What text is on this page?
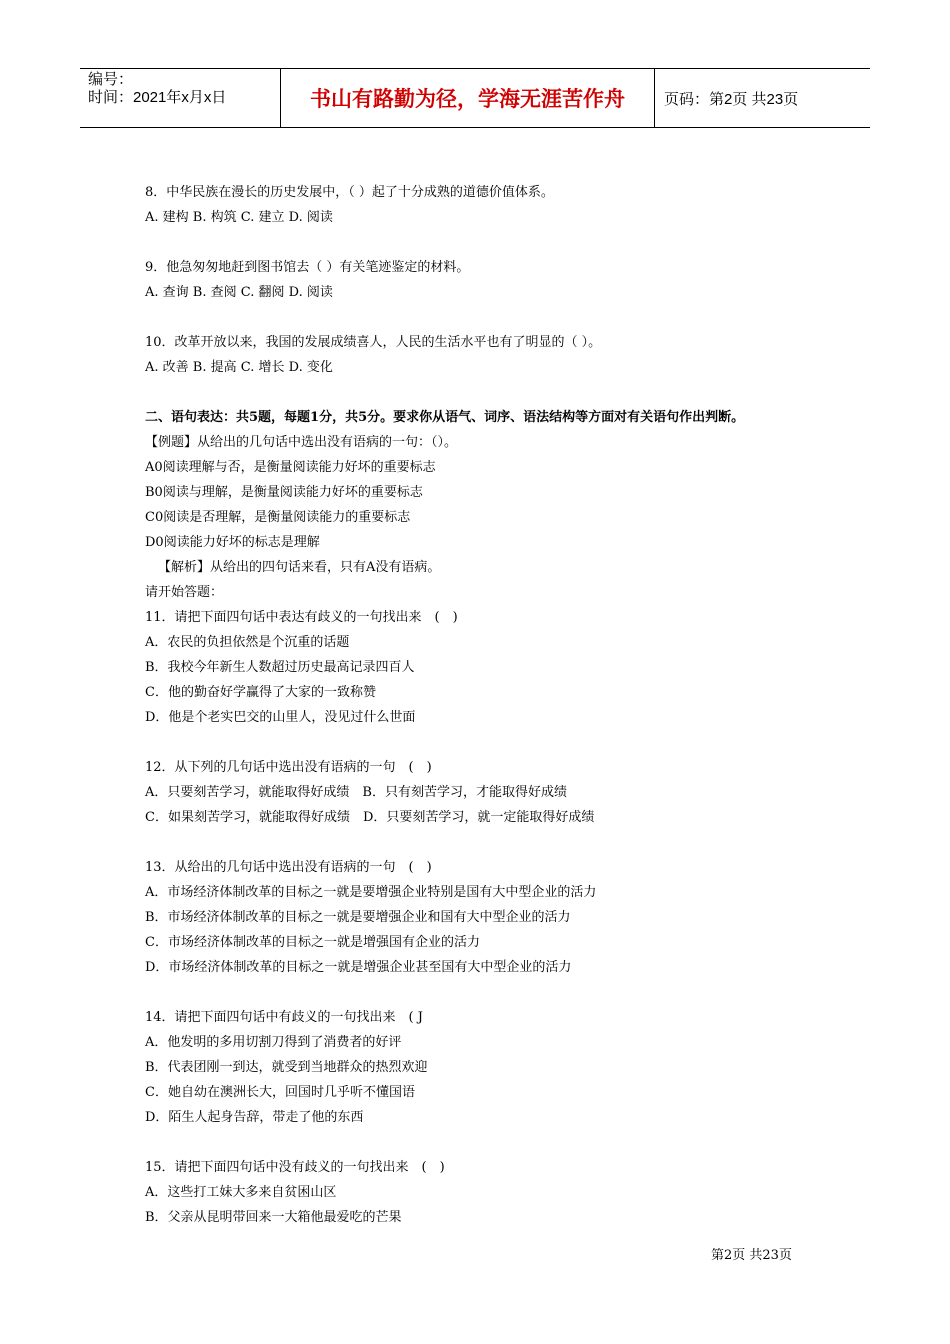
编号：
时间：2021年x月x日	书山有路勤为径，学海无涯苦作舟	页码：第2页 共23页
8．中华民族在漫长的历史发展中，（ ）起了十分成熟的道德价值体系。
A. 建构 B. 构筑 C. 建立 D. 阅读
9．他急匆匆地赶到图书馆去（ ）有关笔迹鉴定的材料。
A. 查询 B. 查阅 C. 翻阅 D. 阅读
10．改革开放以来，我国的发展成绩喜人，人民的生活水平也有了明显的（ ）。
A. 改善 B. 提高 C. 增长 D. 变化
二、语句表达：共5题，每题1分，共5分。要求你从语气、词序、语法结构等方面对有关语句作出判断。
【例题】从给出的几句话中选出没有语病的一句：（）。
A0阅读理解与否，是衡量阅读能力好坏的重要标志
B0阅读与理解，是衡量阅读能力好坏的重要标志
C0阅读是否理解，是衡量阅读能力的重要标志
D0阅读能力好坏的标志是理解
【解析】从给出的四句话来看，只有A没有语病。
请开始答题：
11．请把下面四句话中表达有歧义的一句找出来　(　)
A．农民的负担依然是个沉重的话题
B．我校今年新生人数超过历史最高记录四百人
C．他的勤奋好学赢得了大家的一致称赞
D．他是个老实巴交的山里人，没见过什么世面
12．从下列的几句话中选出没有语病的一句　(　)
A．只要刻苦学习，就能取得好成绩　B．只有刻苦学习，才能取得好成绩
C．如果刻苦学习，就能取得好成绩　D．只要刻苦学习，就一定能取得好成绩
13．从给出的几句话中选出没有语病的一句　(　)
A．市场经济体制改革的目标之一就是要增强企业特别是国有大中型企业的活力
B．市场经济体制改革的目标之一就是要增强企业和国有大中型企业的活力
C．市场经济体制改革的目标之一就是增强国有企业的活力
D．市场经济体制改革的目标之一就是增强企业甚至国有大中型企业的活力
14．请把下面四句话中有歧义的一句找出来　( J
A．他发明的多用切割刀得到了消费者的好评
B．代表团刚一到达，就受到当地群众的热烈欢迎
C．她自幼在澳洲长大，回国时几乎听不懂国语
D．陌生人起身告辞，带走了他的东西
15．请把下面四句话中没有歧义的一句找出来　(　)
A．这些打工妹大多来自贫困山区
B．父亲从昆明带回来一大箱他最爱吃的芒果
第2页 共23页
